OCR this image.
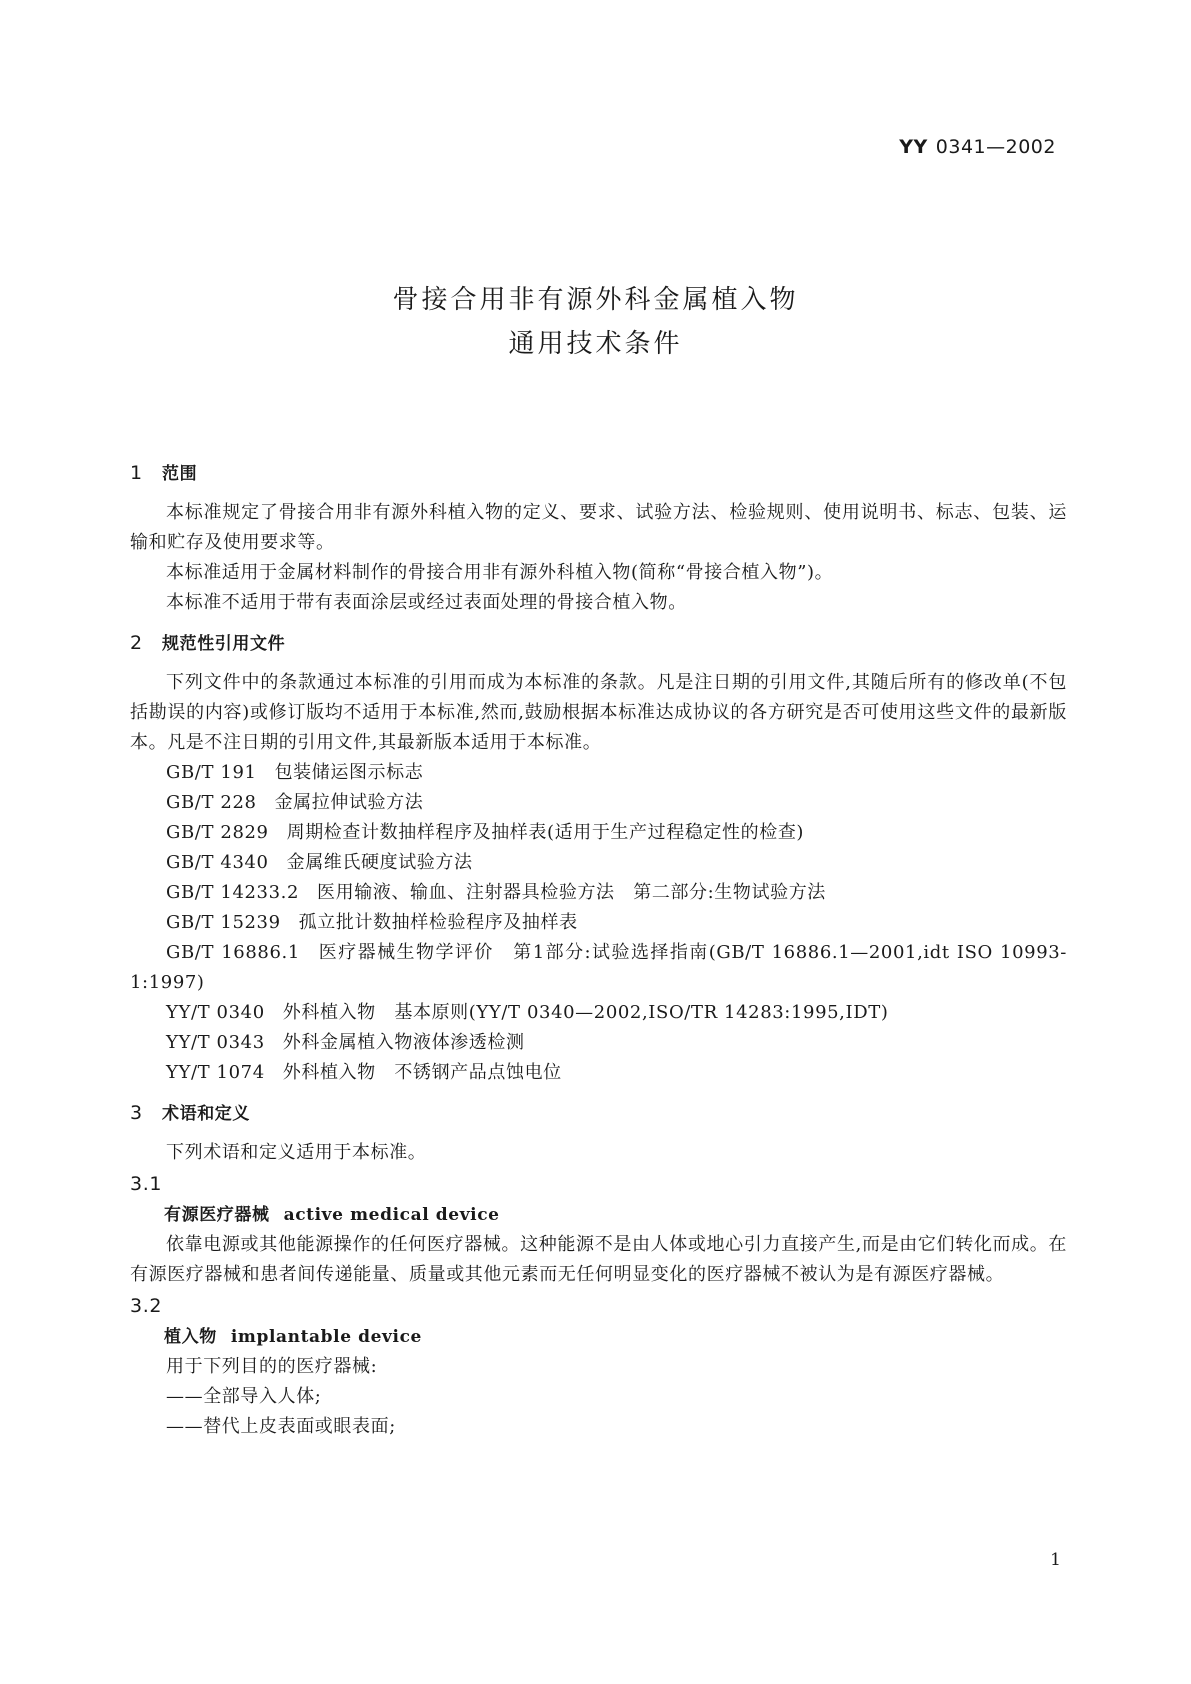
YY 0341—2002
骨接合用非有源外科金属植入物
通用技术条件
1 范围

本标准规定了骨接合用非有源外科植入物的定义、要求、试验方法、检验规则、使用说明书、标志、包装、运输和贮存及使用要求等。

本标准适用于金属材料制作的骨接合用非有源外科植入物(简称“骨接合植入物”)。

本标准不适用于带有表面涂层或经过表面处理的骨接合植入物。

2 规范性引用文件

下列文件中的条款通过本标准的引用而成为本标准的条款。凡是注日期的引用文件,其随后所有的修改单(不包括勘误的内容)或修订版均不适用于本标准,然而,鼓励根据本标准达成协议的各方研究是否可使用这些文件的最新版本。凡是不注日期的引用文件,其最新版本适用于本标准。

GB/T 191 包装储运图示标志

GB/T 228 金属拉伸试验方法

GB/T 2829 周期检查计数抽样程序及抽样表(适用于生产过程稳定性的检查)

GB/T 4340 金属维氏硬度试验方法

GB/T 14233.2 医用输液、输血、注射器具检验方法　第二部分:生物试验方法

GB/T 15239 孤立批计数抽样检验程序及抽样表

GB/T 16886.1 医疗器械生物学评价　第1部分:试验选择指南(GB/T 16886.1—2001,idt ISO 10993-1:1997)

YY/T 0340 外科植入物　基本原则(YY/T 0340—2002,ISO/TR 14283:1995,IDT)

YY/T 0343 外科金属植入物液体渗透检测

YY/T 1074 外科植入物　不锈钢产品点蚀电位

3 术语和定义

下列术语和定义适用于本标准。

3.1

有源医疗器械 active medical device

依靠电源或其他能源操作的任何医疗器械。这种能源不是由人体或地心引力直接产生,而是由它们转化而成。在有源医疗器械和患者间传递能量、质量或其他元素而无任何明显变化的医疗器械不被认为是有源医疗器械。

3.2

植入物 implantable device

用于下列目的的医疗器械:

——全部导入人体;

——替代上皮表面或眼表面;

1
